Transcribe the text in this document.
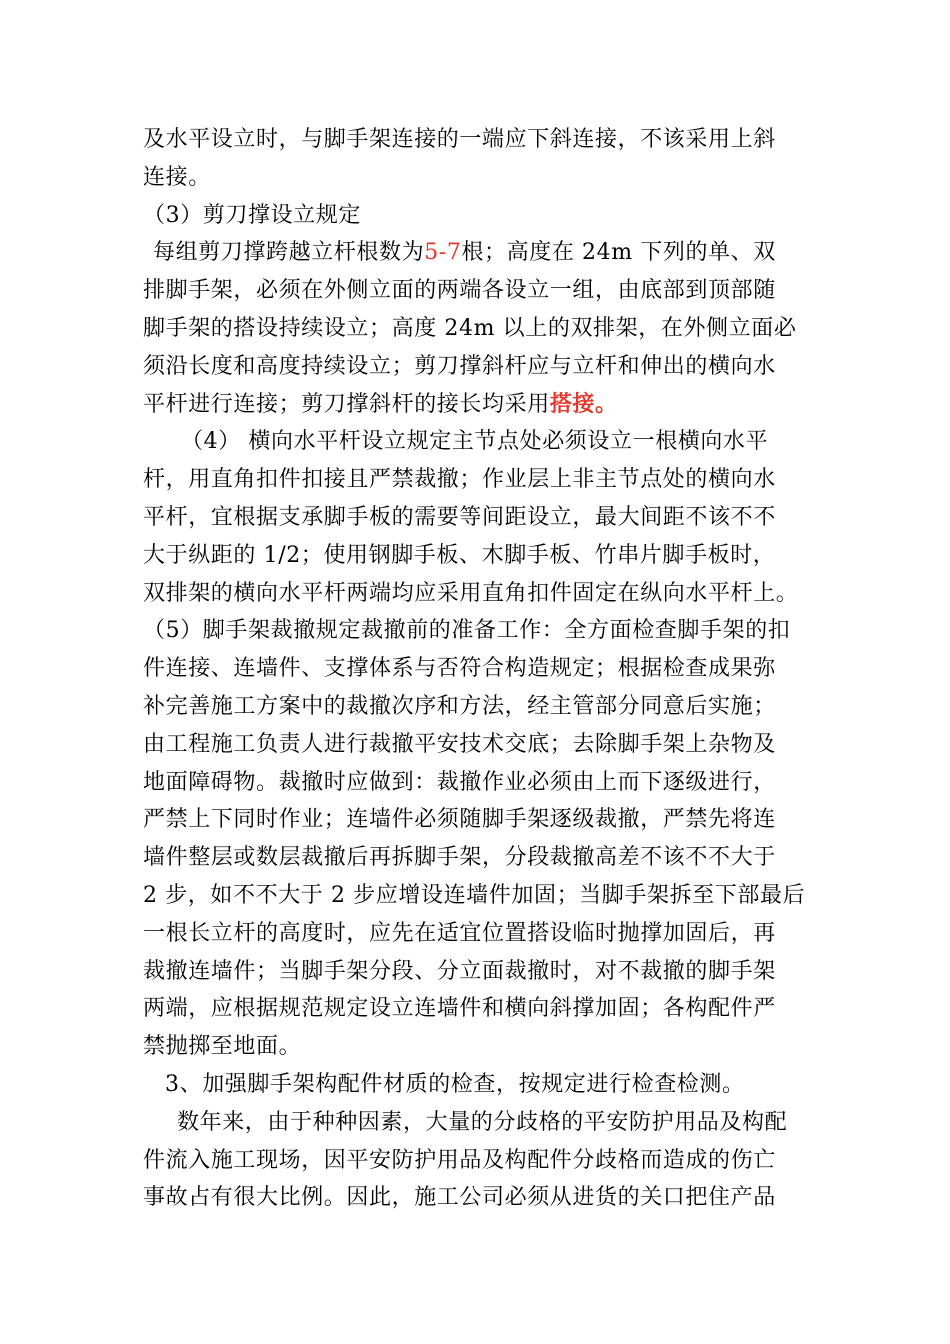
及水平设立时，与脚手架连接的一端应下斜连接，不该采用上斜
连接。
（3）剪刀撑设立规定
每组剪刀撑跨越立杆根数为5-7根；高度在 24m 下列的单、双
排脚手架，必须在外侧立面的两端各设立一组，由底部到顶部随
脚手架的搭设持续设立；高度 24m 以上的双排架，在外侧立面必
须沿长度和高度持续设立；剪刀撑斜杆应与立杆和伸出的横向水
平杆进行连接；剪刀撑斜杆的接长均采用搭接。
（4） 横向水平杆设立规定主节点处必须设立一根横向水平
杆，用直角扣件扣接且严禁裁撤；作业层上非主节点处的横向水
平杆，宜根据支承脚手板的需要等间距设立，最大间距不该不不
大于纵距的 1/2；使用钢脚手板、木脚手板、竹串片脚手板时，
双排架的横向水平杆两端均应采用直角扣件固定在纵向水平杆上。
（5）脚手架裁撤规定裁撤前的准备工作：全方面检查脚手架的扣
件连接、连墙件、支撑体系与否符合构造规定；根据检查成果弥
补完善施工方案中的裁撤次序和方法，经主管部分同意后实施；
由工程施工负责人进行裁撤平安技术交底；去除脚手架上杂物及
地面障碍物。裁撤时应做到：裁撤作业必须由上而下逐级进行，
严禁上下同时作业；连墙件必须随脚手架逐级裁撤，严禁先将连
墙件整层或数层裁撤后再拆脚手架，分段裁撤高差不该不不大于
2 步，如不不大于 2 步应增设连墙件加固；当脚手架拆至下部最后
一根长立杆的高度时，应先在适宜位置搭设临时抛撑加固后，再
裁撤连墙件；当脚手架分段、分立面裁撤时，对不裁撤的脚手架
两端，应根据规范规定设立连墙件和横向斜撑加固；各构配件严
禁抛掷至地面。
3、加强脚手架构配件材质的检查，按规定进行检查检测。
数年来，由于种种因素，大量的分歧格的平安防护用品及构配
件流入施工现场，因平安防护用品及构配件分歧格而造成的伤亡
事故占有很大比例。因此，施工公司必须从进货的关口把住产品
